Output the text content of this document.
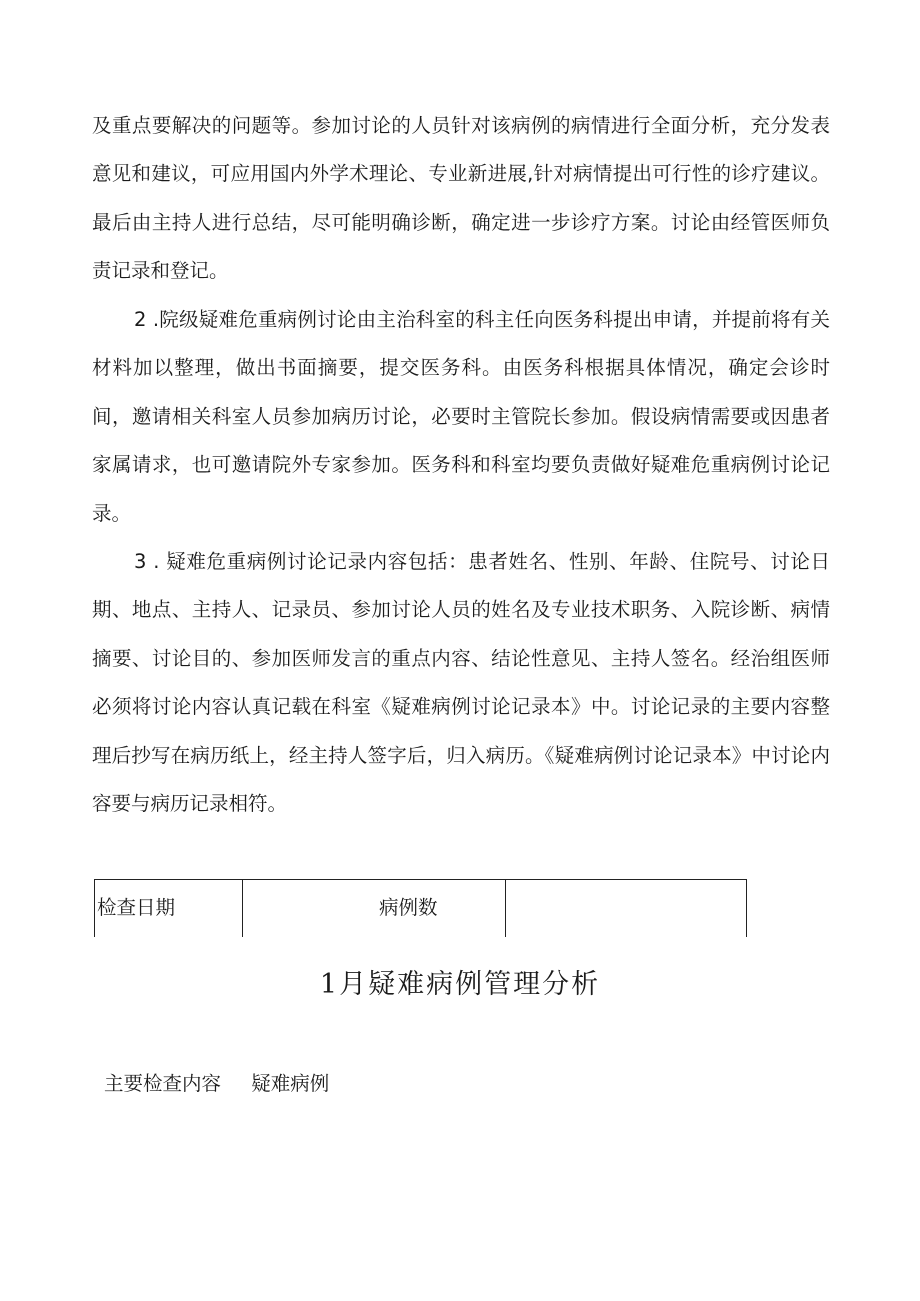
及重点要解决的问题等。参加讨论的人员针对该病例的病情进行全面分析，充分发表意见和建议，可应用国内外学术理论、专业新进展,针对病情提出可行性的诊疗建议。最后由主持人进行总结，尽可能明确诊断，确定进一步诊疗方案。讨论由经管医师负责记录和登记。

2 .院级疑难危重病例讨论由主治科室的科主任向医务科提出申请，并提前将有关材料加以整理，做出书面摘要，提交医务科。由医务科根据具体情况，确定会诊时间，邀请相关科室人员参加病历讨论，必要时主管院长参加。假设病情需要或因患者家属请求，也可邀请院外专家参加。医务科和科室均要负责做好疑难危重病例讨论记录。

3 . 疑难危重病例讨论记录内容包括：患者姓名、性别、年龄、住院号、讨论日期、地点、主持人、记录员、参加讨论人员的姓名及专业技术职务、入院诊断、病情摘要、讨论目的、参加医师发言的重点内容、结论性意见、主持人签名。经治组医师必须将讨论内容认真记载在科室《疑难病例讨论记录本》中。讨论记录的主要内容整理后抄写在病历纸上，经主持人签字后，归入病历。《疑难病例讨论记录本》中讨论内容要与病历记录相符。

检查日期	病例数
1月疑难病例管理分析
主要检查内容 疑难病例
